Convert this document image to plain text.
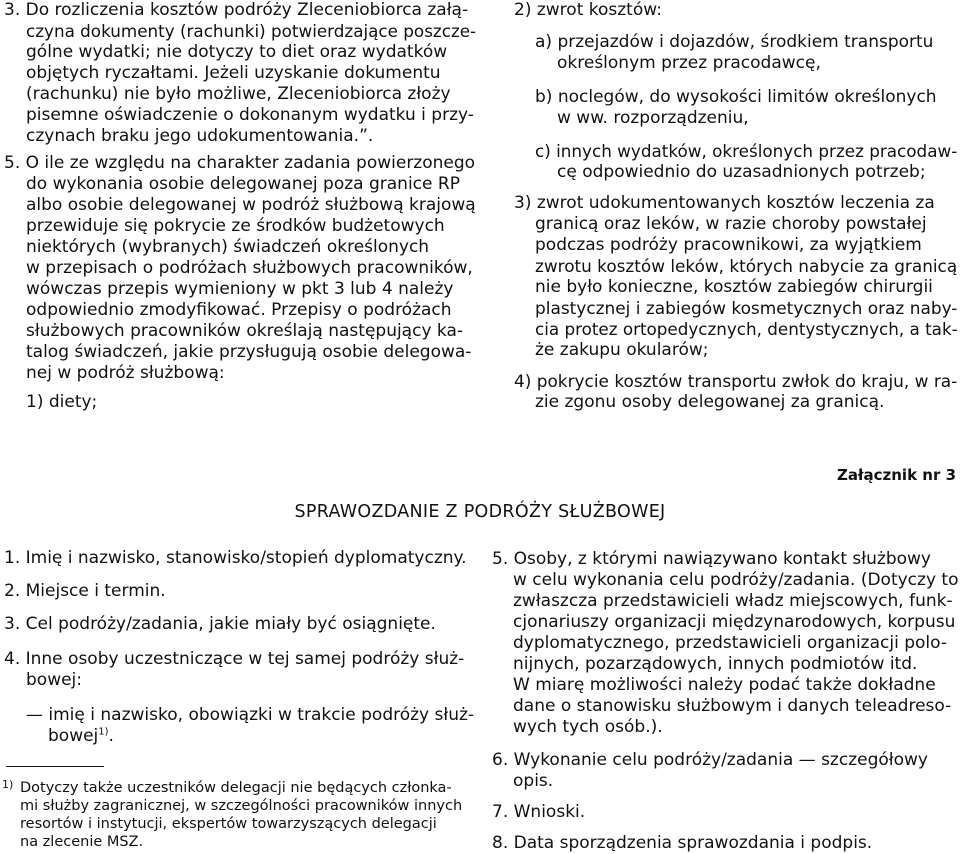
3. Do rozliczenia kosztów podróży Zleceniobiorca załą-
czyna dokumenty (rachunki) potwierdzające poszcze-
gólne wydatki; nie dotyczy to diet oraz wydatków
objętych ryczałtami. Jeżeli uzyskanie dokumentu
(rachunku) nie było możliwe, Zleceniobiorca złoży
pisemne oświadczenie o dokonanym wydatku i przy-
czynach braku jego udokumentowania.”.
5. O ile ze względu na charakter zadania powierzonego
do wykonania osobie delegowanej poza granice RP
albo osobie delegowanej w podróż służbową krajową
przewiduje się pokrycie ze środków budżetowych
niektórych (wybranych) świadczeń określonych
w przepisach o podróżach służbowych pracowników,
wówczas przepis wymieniony w pkt 3 lub 4 należy
odpowiednio zmodyfikować. Przepisy o podróżach
służbowych pracowników określają następujący ka-
talog świadczeń, jakie przysługują osobie delegowa-
nej w podróż służbową:
1) diety;
2) zwrot kosztów:
a) przejazdów i dojazdów, środkiem transportu
określonym przez pracodawcę,
b) noclegów, do wysokości limitów określonych
w ww. rozporządzeniu,
c) innych wydatków, określonych przez pracodaw-
cę odpowiednio do uzasadnionych potrzeb;
3) zwrot udokumentowanych kosztów leczenia za
granicą oraz leków, w razie choroby powstałej
podczas podróży pracownikowi, za wyjątkiem
zwrotu kosztów leków, których nabycie za granicą
nie było konieczne, kosztów zabiegów chirurgii
plastycznej i zabiegów kosmetycznych oraz naby-
cia protez ortopedycznych, dentystycznych, a tak-
że zakupu okularów;
4) pokrycie kosztów transportu zwłok do kraju, w ra-
zie zgonu osoby delegowanej za granicą.
Załącznik nr 3
SPRAWOZDANIE Z PODRÓŻY SŁUŻBOWEJ
1. Imię i nazwisko, stanowisko/stopień dyplomatyczny.
2. Miejsce i termin.
3. Cel podróży/zadania, jakie miały być osiągnięte.
4. Inne osoby uczestniczące w tej samej podróży służ-
bowej:
— imię i nazwisko, obowiązki w trakcie podróży służ-
bowej$^{1)}$.
1) Dotyczy także uczestników delegacji nie będących członka-
mi służby zagranicznej, w szczególności pracowników innych
resortów i instytucji, ekspertów towarzyszących delegacji
na zlecenie MSZ.
5. Osoby, z którymi nawiązywano kontakt służbowy
w celu wykonania celu podróży/zadania. (Dotyczy to
zwłaszcza przedstawicieli władz miejscowych, funk-
cjonariuszy organizacji międzynarodowych, korpusu
dyplomatycznego, przedstawicieli organizacji polo-
nijnych, pozarządowych, innych podmiotów itd.
W miarę możliwości należy podać także dokładne
dane o stanowisku służbowym i danych teleadreso-
wych tych osób.).
6. Wykonanie celu podróży/zadania — szczegółowy
opis.
7. Wnioski.
8. Data sporządzenia sprawozdania i podpis.
